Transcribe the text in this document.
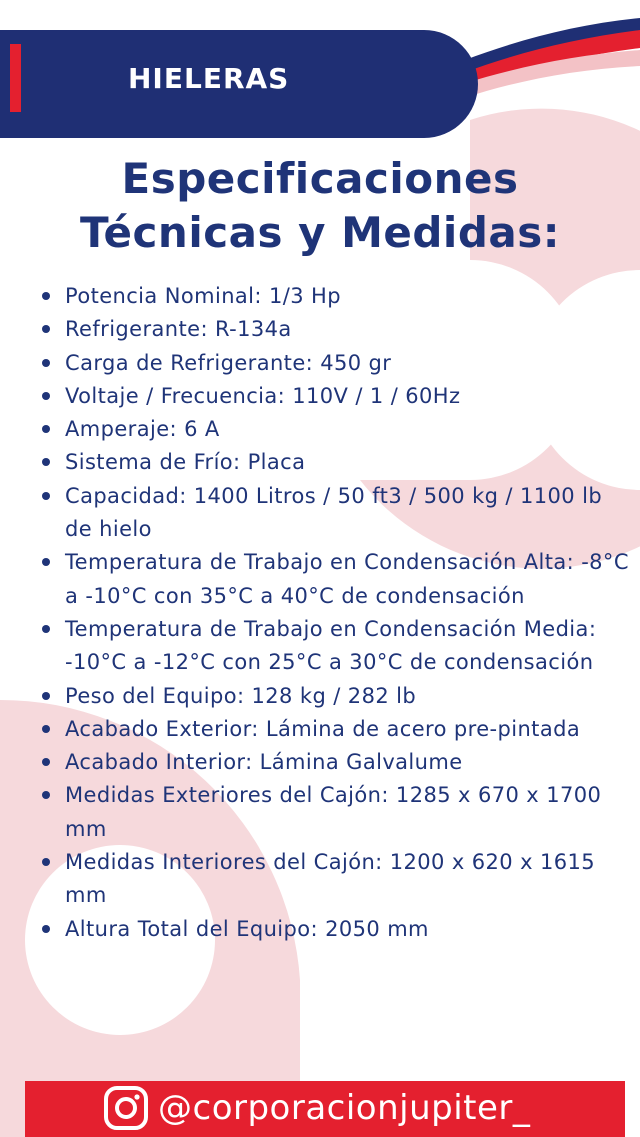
HIELERAS
Especificaciones
Técnicas y Medidas:
Potencia Nominal: 1/3 Hp
Refrigerante: R-134a
Carga de Refrigerante: 450 gr
Voltaje / Frecuencia: 110V / 1 / 60Hz
Amperaje: 6 A
Sistema de Frío: Placa
Capacidad: 1400 Litros / 50 ft3 / 500 kg / 1100 lb de hielo
Temperatura de Trabajo en Condensación Alta: -8°C a -10°C con 35°C a 40°C de condensación
Temperatura de Trabajo en Condensación Media: -10°C a -12°C con 25°C a 30°C de condensación
Peso del Equipo: 128 kg / 282 lb
Acabado Exterior: Lámina de acero pre-pintada
Acabado Interior: Lámina Galvalume
Medidas Exteriores del Cajón: 1285 x 670 x 1700 mm
Medidas Interiores del Cajón: 1200 x 620 x 1615 mm
Altura Total del Equipo: 2050 mm
@corporacionjupiter_
